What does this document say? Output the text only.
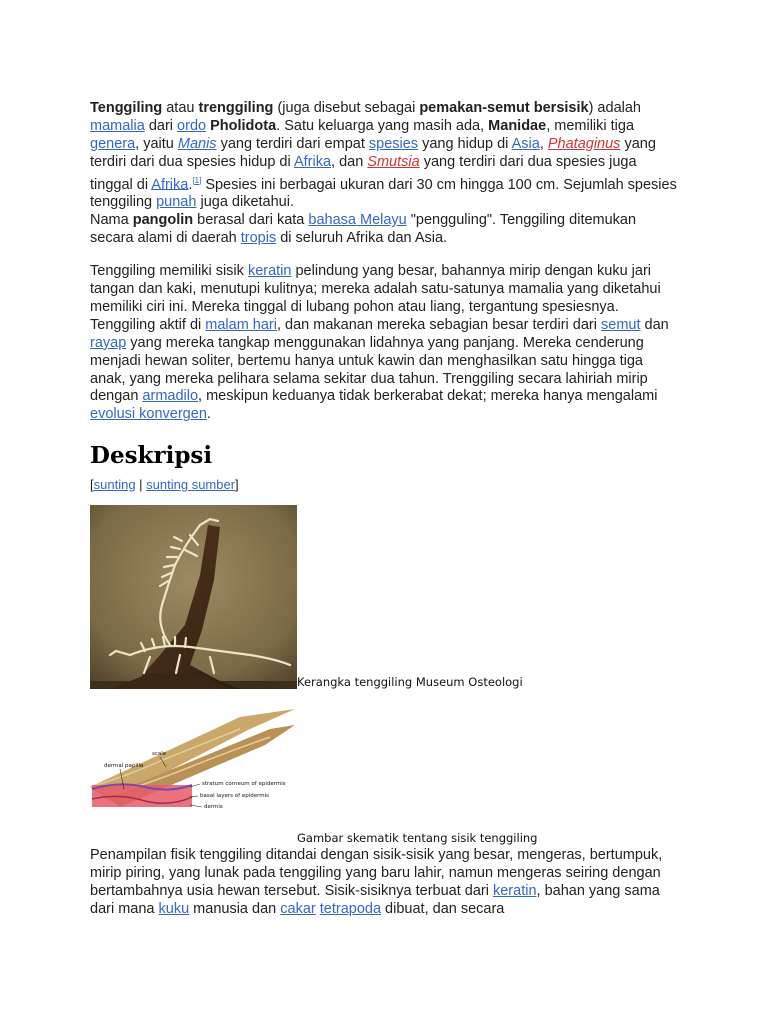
Tenggiling atau trenggiling (juga disebut sebagai pemakan-semut bersisik) adalah mamalia dari ordo Pholidota. Satu keluarga yang masih ada, Manidae, memiliki tiga genera, yaitu Manis yang terdiri dari empat spesies yang hidup di Asia, Phataginus yang terdiri dari dua spesies hidup di Afrika, dan Smutsia yang terdiri dari dua spesies juga tinggal di Afrika.[1] Spesies ini berbagai ukuran dari 30 cm hingga 100 cm. Sejumlah spesies tenggiling punah juga diketahui.

Nama pangolin berasal dari kata bahasa Melayu "pengguling". Tenggiling ditemukan secara alami di daerah tropis di seluruh Afrika dan Asia.

Tenggiling memiliki sisik keratin pelindung yang besar, bahannya mirip dengan kuku jari tangan dan kaki, menutupi kulitnya; mereka adalah satu-satunya mamalia yang diketahui memiliki ciri ini. Mereka tinggal di lubang pohon atau liang, tergantung spesiesnya. Tenggiling aktif di malam hari, dan makanan mereka sebagian besar terdiri dari semut dan rayap yang mereka tangkap menggunakan lidahnya yang panjang. Mereka cenderung menjadi hewan soliter, bertemu hanya untuk kawin dan menghasilkan satu hingga tiga anak, yang mereka pelihara selama sekitar dua tahun. Trenggiling secara lahiriah mirip dengan armadilo, meskipun keduanya tidak berkerabat dekat; mereka hanya mengalami evolusi konvergen.

Deskripsi
[sunting | sunting sumber]
Kerangka tenggiling Museum Osteologi
scale
dermal papilla
stratum corneum of epidermis
basal layers of epidermis
dermis
Gambar skematik tentang sisik tenggiling

Penampilan fisik tenggiling ditandai dengan sisik-sisik yang besar, mengeras, bertumpuk, mirip piring, yang lunak pada tenggiling yang baru lahir, namun mengeras seiring dengan bertambahnya usia hewan tersebut. Sisik-sisiknya terbuat dari keratin, bahan yang sama dari mana kuku manusia dan cakar tetrapoda dibuat, dan secara
